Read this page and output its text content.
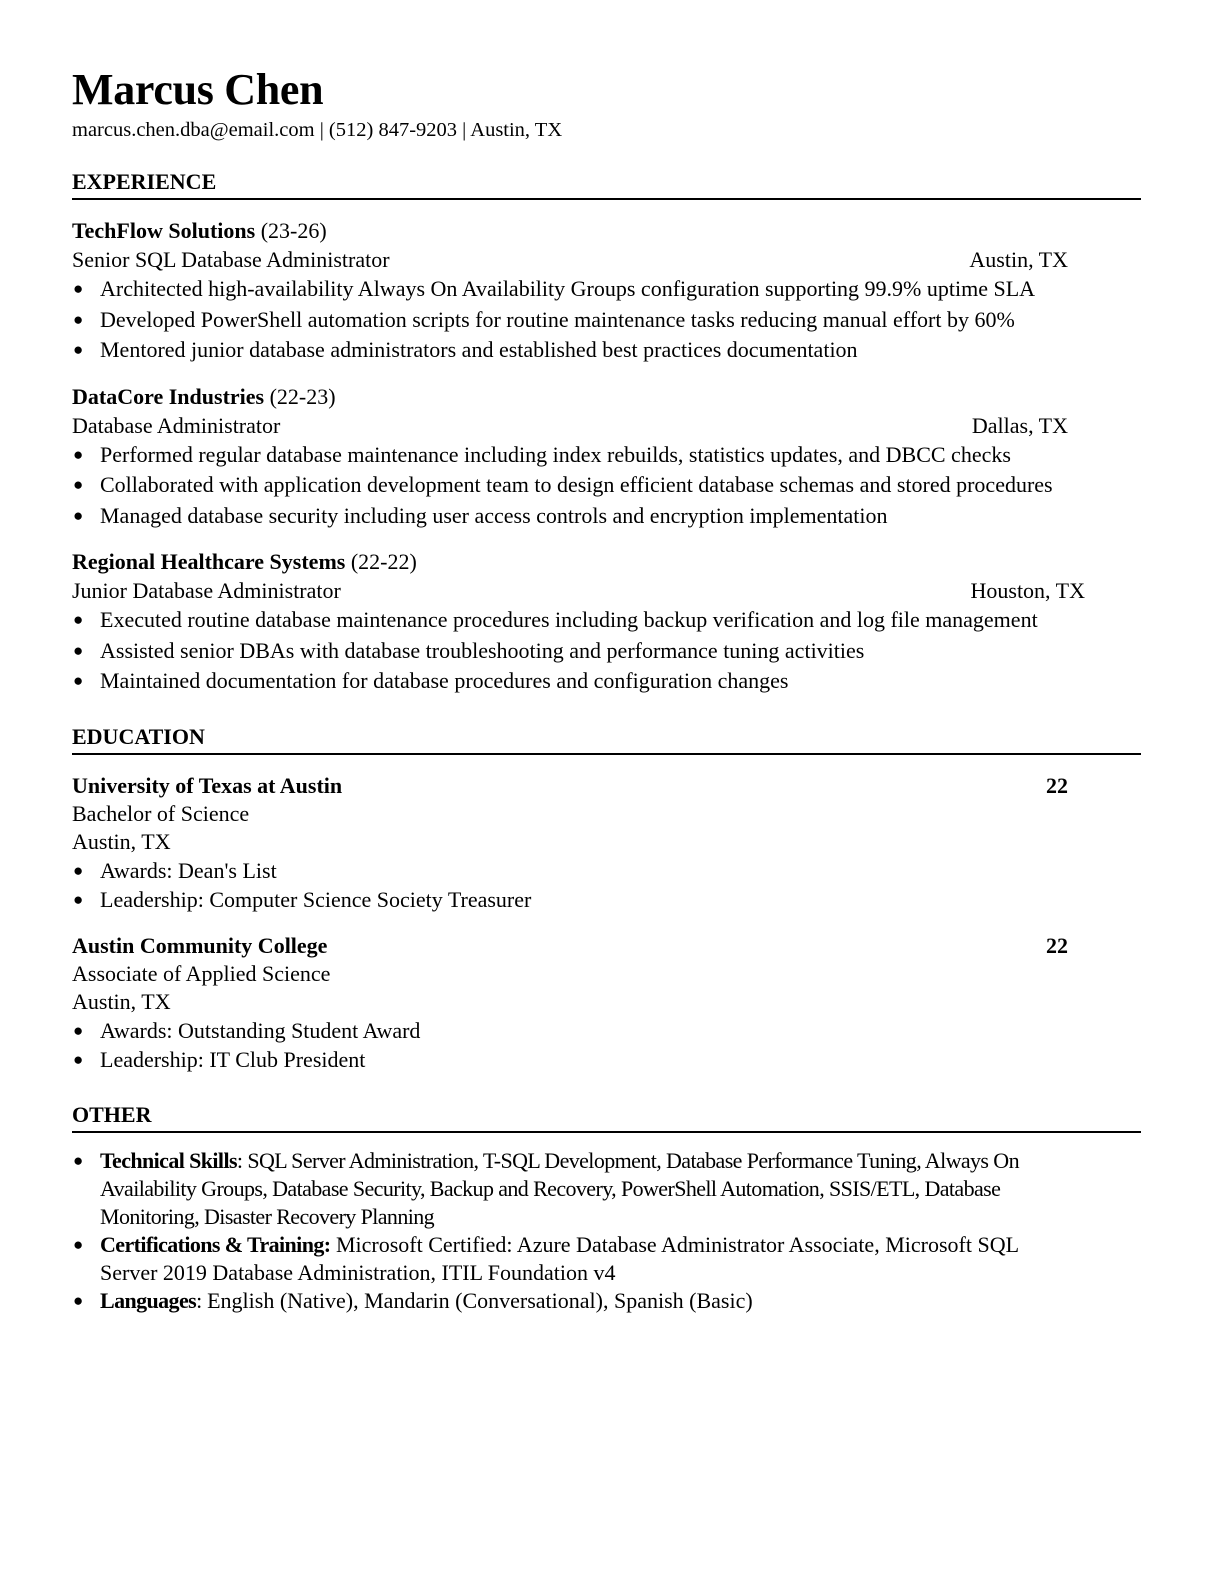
Marcus Chen
marcus.chen.dba@email.com | (512) 847-9203 | Austin, TX
EXPERIENCE
TechFlow Solutions (23-26)
Senior SQL Database Administrator	Austin, TX
● Architected high-availability Always On Availability Groups configuration supporting 99.9% uptime SLA
● Developed PowerShell automation scripts for routine maintenance tasks reducing manual effort by 60%
● Mentored junior database administrators and established best practices documentation
DataCore Industries (22-23)
Database Administrator	Dallas, TX
● Performed regular database maintenance including index rebuilds, statistics updates, and DBCC checks
● Collaborated with application development team to design efficient database schemas and stored procedures
● Managed database security including user access controls and encryption implementation
Regional Healthcare Systems (22-22)
Junior Database Administrator	Houston, TX
● Executed routine database maintenance procedures including backup verification and log file management
● Assisted senior DBAs with database troubleshooting and performance tuning activities
● Maintained documentation for database procedures and configuration changes
EDUCATION
University of Texas at Austin	22
Bachelor of Science
Austin, TX
● Awards: Dean's List
● Leadership: Computer Science Society Treasurer
Austin Community College	22
Associate of Applied Science
Austin, TX
● Awards: Outstanding Student Award
● Leadership: IT Club President
OTHER
● Technical Skills: SQL Server Administration, T-SQL Development, Database Performance Tuning, Always On Availability Groups, Database Security, Backup and Recovery, PowerShell Automation, SSIS/ETL, Database Monitoring, Disaster Recovery Planning
● Certifications & Training: Microsoft Certified: Azure Database Administrator Associate, Microsoft SQL Server 2019 Database Administration, ITIL Foundation v4
● Languages: English (Native), Mandarin (Conversational), Spanish (Basic)
